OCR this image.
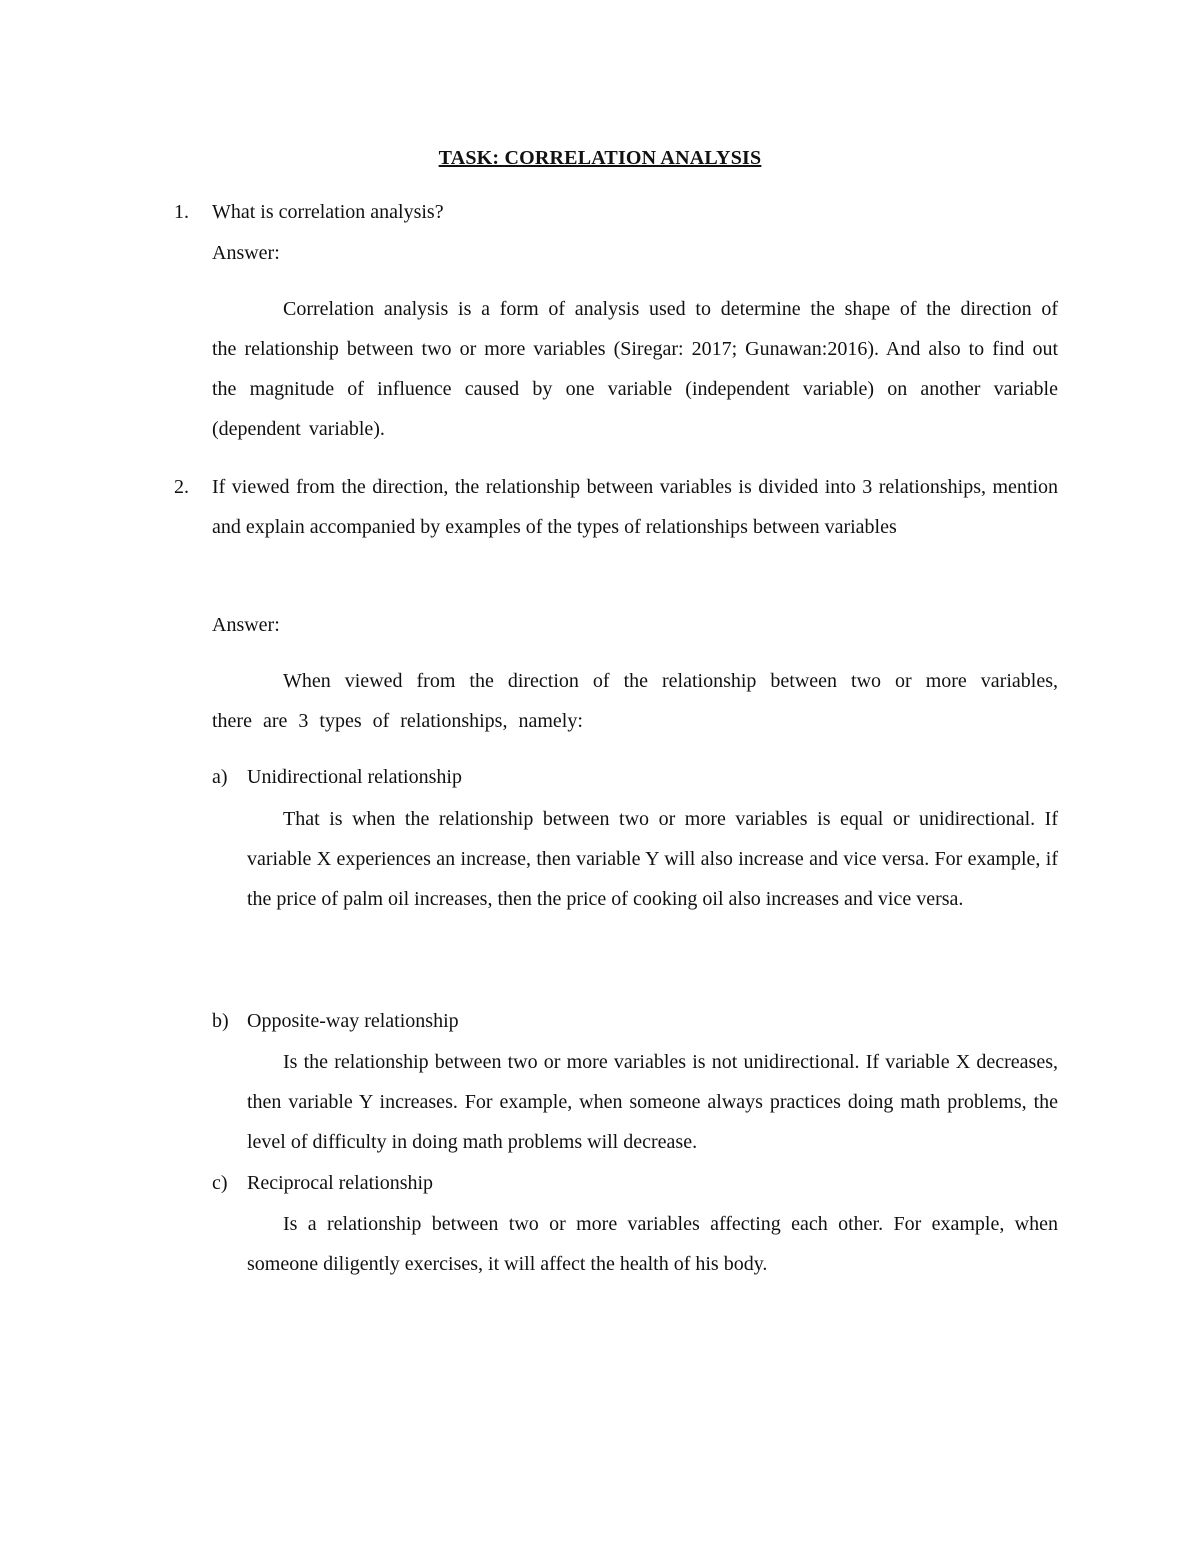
TASK: CORRELATION ANALYSIS
1. What is correlation analysis?
Answer:

Correlation analysis is a form of analysis used to determine the shape of the direction of the relationship between two or more variables (Siregar: 2017; Gunawan:2016). And also to find out the magnitude of influence caused by one variable (independent variable) on another variable (dependent variable).

2. If viewed from the direction, the relationship between variables is divided into 3 relationships, mention and explain accompanied by examples of the types of relationships between variables

Answer:

When viewed from the direction of the relationship between two or more variables, there are 3 types of relationships, namely:

a) Unidirectional relationship

That is when the relationship between two or more variables is equal or unidirectional. If variable X experiences an increase, then variable Y will also increase and vice versa. For example, if the price of palm oil increases, then the price of cooking oil also increases and vice versa.

b) Opposite-way relationship

Is the relationship between two or more variables is not unidirectional. If variable X decreases, then variable Y increases. For example, when someone always practices doing math problems, the level of difficulty in doing math problems will decrease.

c) Reciprocal relationship

Is a relationship between two or more variables affecting each other. For example, when someone diligently exercises, it will affect the health of his body.
